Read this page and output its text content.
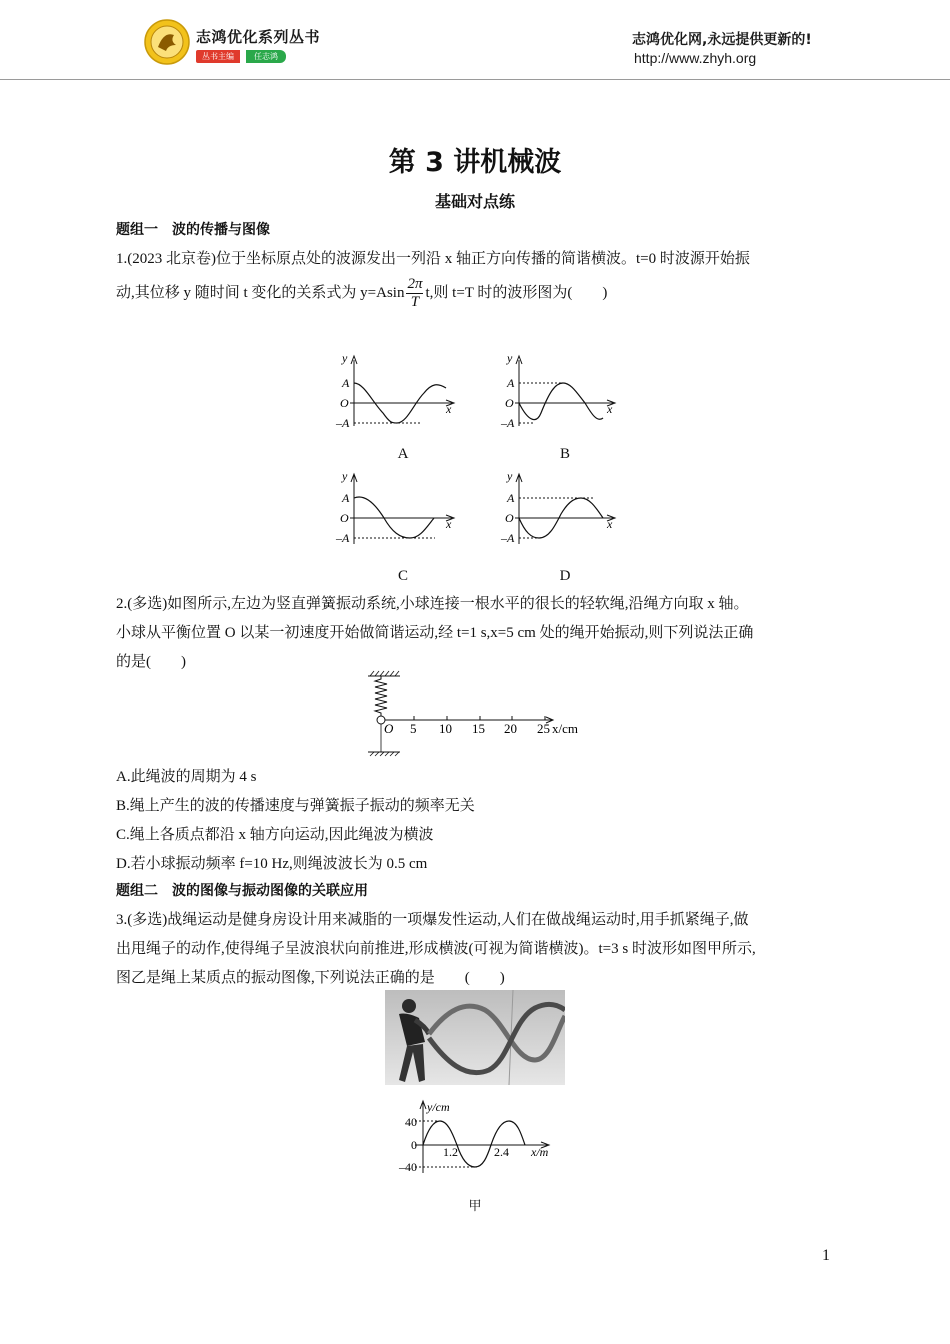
志鸿优化系列丛书
丛书主编	任志鸿
志鸿优化网,永远提供更新的!
http://www.zhyh.org
第 3 讲机械波
基础对点练
题组一　波的传播与图像
1.(2023 北京卷)位于坐标原点处的波源发出一列沿 x 轴正方向传播的简谐横波。t=0 时波源开始振
动,其位移 y 随时间 t 变化的关系式为 $y=Asin \frac{2\pi}{T} t$,则 t=T 时的波形图为(　　)
y
A
O
–A
x
y
A
O
–A
x
y
A
O
–A
x
y
A
O
–A
x
A	B
C	D
2.(多选)如图所示,左边为竖直弹簧振动系统,小球连接一根水平的很长的轻软绳,沿绳方向取 x 轴。
小球从平衡位置 O 以某一初速度开始做简谐运动,经 t=1 s,x=5 cm 处的绳开始振动,则下列说法正确
的是(　　)
O 5 10 15 20 25 x/cm
A.此绳波的周期为 4 s
B.绳上产生的波的传播速度与弹簧振子振动的频率无关
C.绳上各质点都沿 x 轴方向运动,因此绳波为横波
D.若小球振动频率 f=10 Hz,则绳波波长为 0.5 cm
题组二　波的图像与振动图像的关联应用
3.(多选)战绳运动是健身房设计用来减脂的一项爆发性运动,人们在做战绳运动时,用手抓紧绳子,做
出甩绳子的动作,使得绳子呈波浪状向前推进,形成横波(可视为简谐横波)。t=3 s 时波形如图甲所示,
图乙是绳上某质点的振动图像,下列说法正确的是　　(　　)
y/cm
40
0
–40
1.2	2.4 x/m
甲
1
